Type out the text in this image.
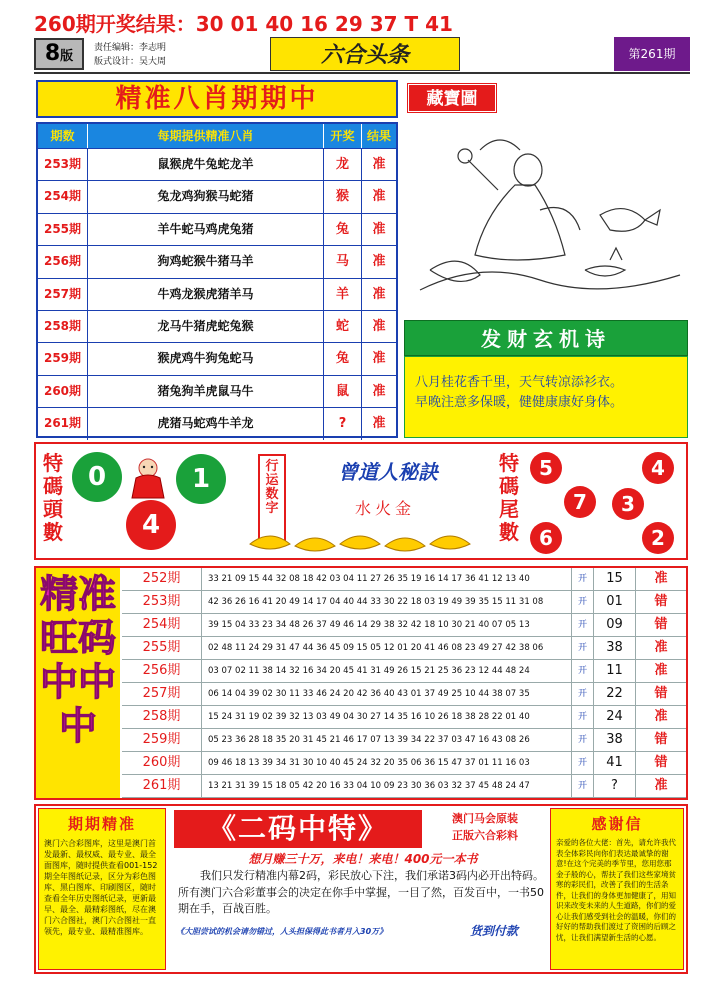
260期开奖结果：30 01 40 16 29 37 T 41
8版
责任编辑：李志明
版式设计：吴大周	六合头条	第261期
精准八肖期期中	藏寶圖
期数	每期提供精准八肖	开奖	结果
253期	鼠猴虎牛兔蛇龙羊	龙	准
254期	兔龙鸡狗猴马蛇猪	猴	准
255期	羊牛蛇马鸡虎兔猪	兔	准
256期	狗鸡蛇猴牛猪马羊	马	准
257期	牛鸡龙猴虎猪羊马	羊	准
258期	龙马牛猪虎蛇兔猴	蛇	准
259期	猴虎鸡牛狗兔蛇马	兔	准
260期	猪兔狗羊虎鼠马牛	鼠	准
261期	虎猪马蛇鸡牛羊龙	?	准
发财玄机诗
八月桂花香千里，天气转凉添衫衣。
早晚注意多保暖，健健康康好身体。
特碼頭數
0	1
4
行运数字
曾道人秘訣
水火金
特碼尾數
5	4
7	3
6	2
精准旺码中中中
252期	33 21 09 15 44 32 08 18 42 03 04 11 27 26 35 19 16 14 17 36 41 12 13 40	开	15	准
253期	42 36 26 16 41 20 49 14 17 04 40 44 33 30 22 18 03 19 49 39 35 15 11 31 08	开	01	错
254期	39 15 04 33 23 34 48 26 37 49 46 14 29 38 32 42 18 10 30 21 40 07 05 13	开	09	错
255期	02 48 11 24 29 31 47 44 36 45 09 15 05 12 01 20 41 46 08 23 49 27 42 38 06	开	38	准
256期	03 07 02 11 38 14 32 16 34 20 45 41 31 49 26 15 21 25 36 23 12 44 48 24	开	11	准
257期	06 14 04 39 02 30 11 33 46 24 20 42 36 40 43 01 37 49 25 10 44 38 07 35	开	22	错
258期	15 24 31 19 02 39 32 13 03 49 04 30 27 14 35 16 10 26 18 38 28 22 01 40	开	24	准
259期	05 23 36 28 18 35 20 31 45 21 46 17 07 13 39 34 22 37 03 47 16 43 08 26	开	38	错
260期	09 46 18 13 39 34 31 30 10 40 45 24 32 20 35 06 36 15 47 37 01 11 16 03	开	41	错
261期	13 21 31 39 15 18 05 42 20 16 33 04 10 09 23 30 36 03 32 37 45 48 24 47	开	?	准
期期精准
澳门六合彩图库，这里是澳门首发最新、最权威、最专业、最全面图库，随时提供查看001-152期全年图纸记录，区分为彩色图库、黑白图库、印刷图区，随时查看全年历史图纸记录，更新最早、最全、最精彩图纸，尽在澳门六合图社，澳门六合图社一直领先，最专业、最精准图库。
《二码中特》	澳门马会原装
正版六合彩料
想月赚三十万，来电！来电！400元一本书

我们只发行精准内幕2码，彩民放心下注，我们承诺3码内必开出特码。所有澳门六合彩董事会的决定在你手中掌握，一目了然，百发百中，一书50期在手，百战百胜。

《大胆尝试的机会请勿错过，人头担保得此书者月入30万》	货到付款
感谢信
亲爱的各位大佬：首先，请允许我代表全体彩民向你们表达最诚挚的谢意!在这个完美的季节里，您用您那金子般的心，帮扶了我们这些家境贫寒的彩民们，改善了我们的生活条件，让我们的身体更加健康了，用知识来改变未来的人生道路，你们的爱心让我们感受到社会的温暖，你们的好好的帮助我们渡过了资困的后顾之忧，让我们满望新生活的心愿。
